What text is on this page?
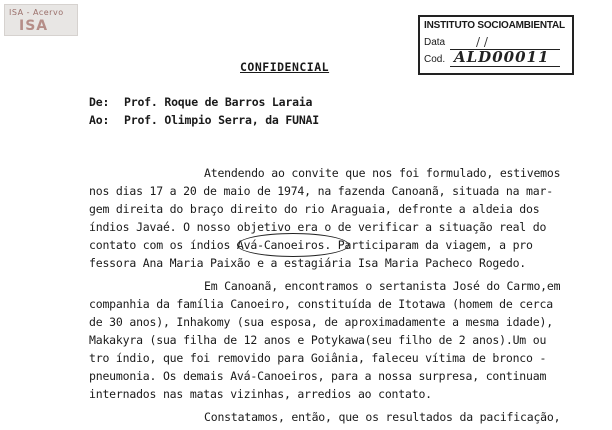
ISA - Acervo
ISA	INSTITUTO SOCIOAMBIENTAL
Data	/ /
Cod. ALD00011
CONFIDENCIAL
De: Prof. Roque de Barros Laraia
Ao: Prof. Olimpio Serra, da FUNAI
Atendendo ao convite que nos foi formulado, estivemos
nos dias 17 a 20 de maio de 1974, na fazenda Canoanã, situada na mar-
gem direita do braço direito do rio Araguaia, defronte a aldeia dos
índios Javaé. O nosso objetivo era o de verificar a situação real do
contato com os índios Avá-Canoeiros. Participaram da viagem, a pro
fessora Ana Maria Paixão e a estagiária Isa Maria Pacheco Rogedo.
Em Canoanã, encontramos o sertanista José do Carmo,em
companhia da família Canoeiro, constituída de Itotawa (homem de cerca
de 30 anos), Inhakomy (sua esposa, de aproximadamente a mesma idade),
Makakyra (sua filha de 12 anos e Potykawa(seu filho de 2 anos).Um ou
tro índio, que foi removido para Goiânia, faleceu vítima de bronco -
pneumonia. Os demais Avá-Canoeiros, para a nossa surpresa, continuam
internados nas matas vizinhas, arredios ao contato.
Constatamos, então, que os resultados da pacificação,
